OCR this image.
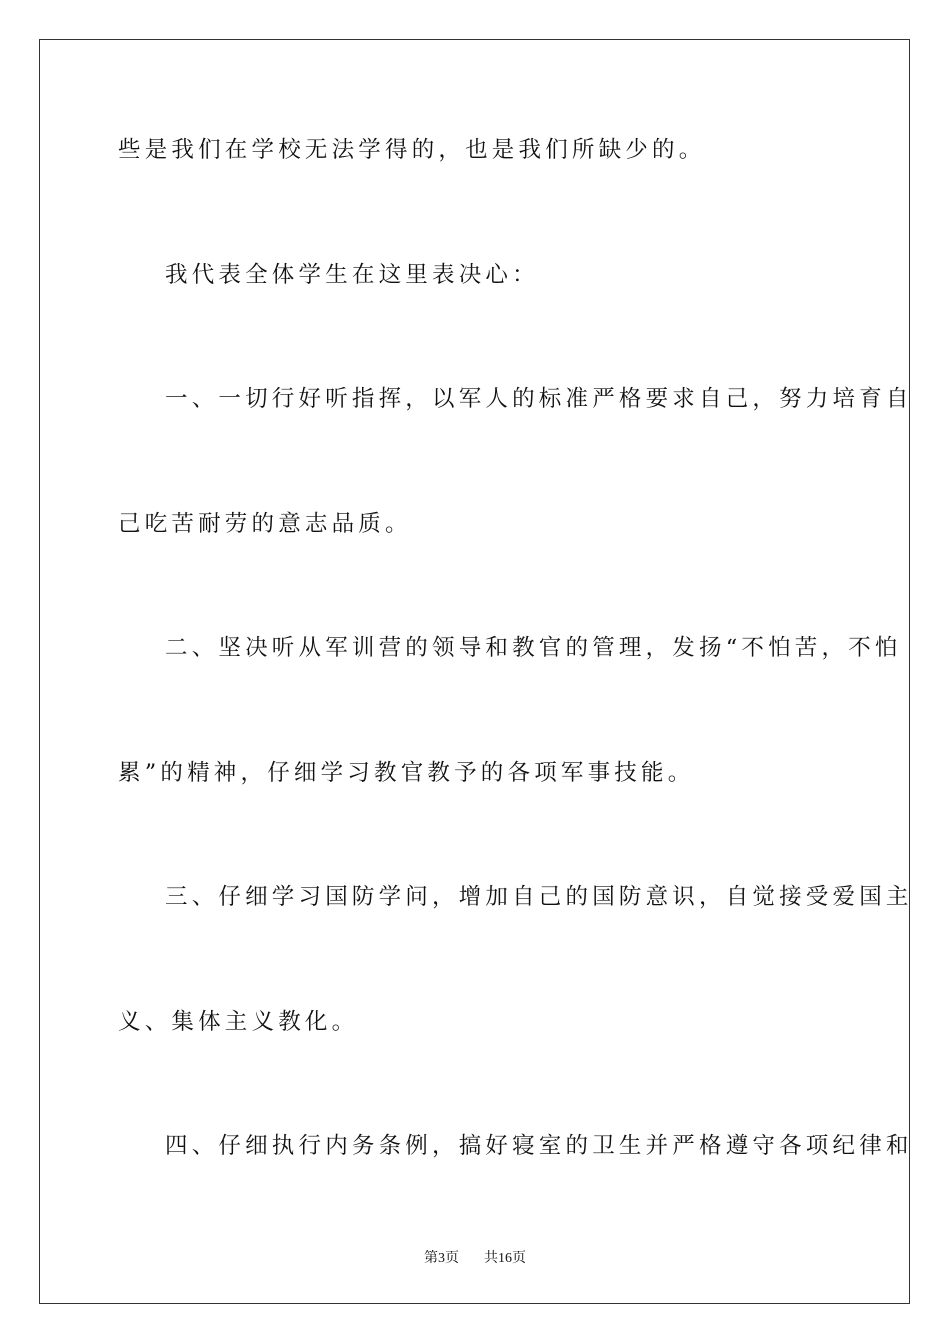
些是我们在学校无法学得的，也是我们所缺少的。
我代表全体学生在这里表决心：
一、一切行好听指挥，以军人的标准严格要求自己，努力培育自
己吃苦耐劳的意志品质。
二、坚决听从军训营的领导和教官的管理，发扬“不怕苦，不怕
累”的精神，仔细学习教官教予的各项军事技能。
三、仔细学习国防学问，增加自己的国防意识，自觉接受爱国主
义、集体主义教化。
四、仔细执行内务条例，搞好寝室的卫生并严格遵守各项纪律和
第3页 共16页
